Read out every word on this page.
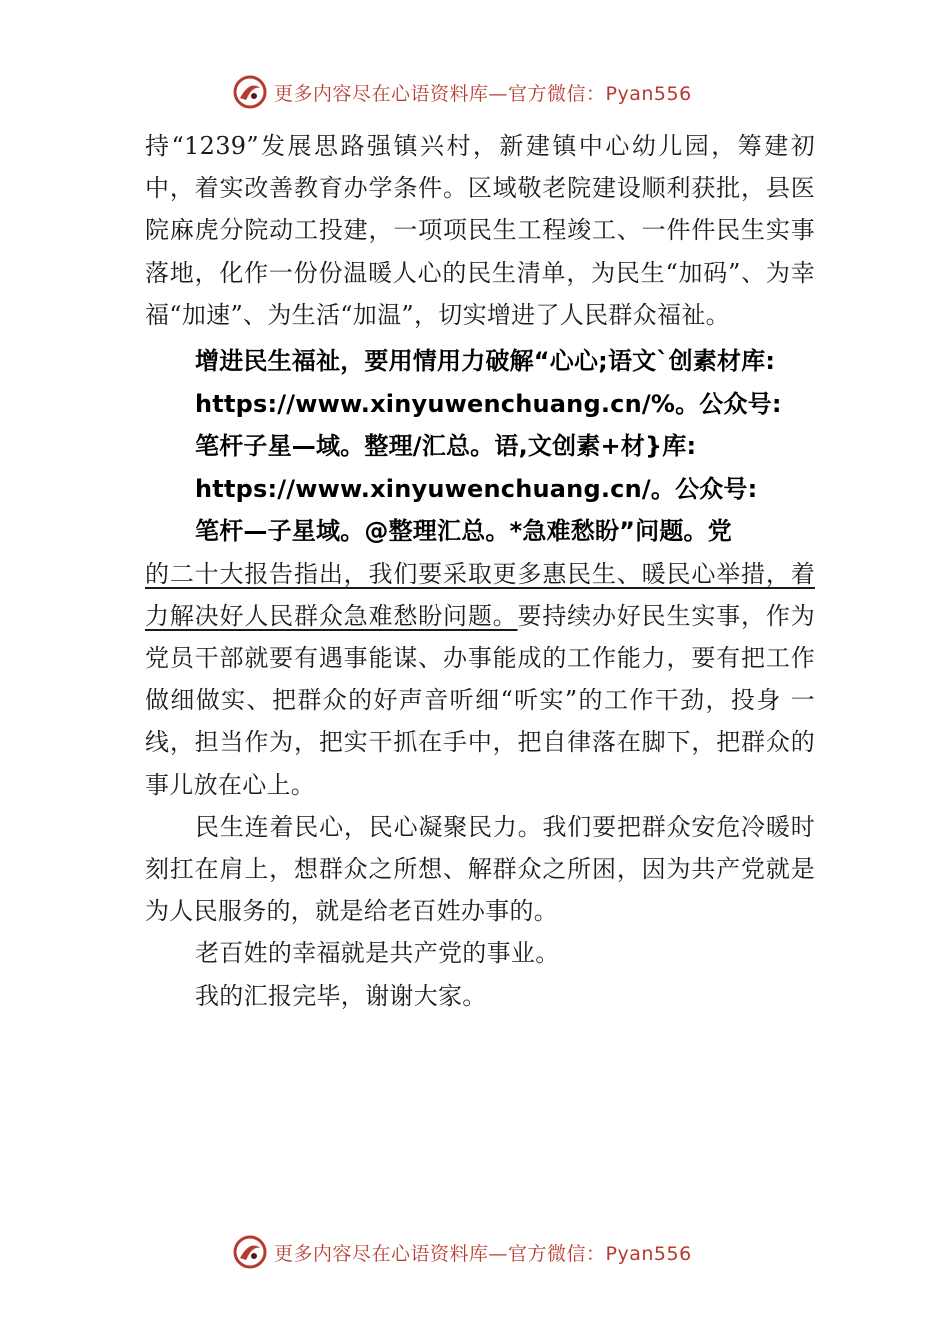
更多内容尽在心语资料库—官方微信：Pyan556

持“1239”发展思路强镇兴村，新建镇中心幼儿园，筹建初中，着实改善教育办学条件。区域敬老院建设顺利获批，县医院麻虎分院动工投建，一项项民生工程竣工、一件件民生实事落地，化作一份份温暖人心的民生清单，为民生“加码”、为幸福“加速”、为生活“加温”，切实增进了人民群众福祉。

增进民生福祉，要用情用力破解“心心;语文`创素材库:
https://www.xinyuwenchuang.cn/%。公众号:
笔杆子星—域。整理/汇总。语,文创素+材}库:
https://www.xinyuwenchuang.cn/。公众号:
笔杆—子星域。@整理汇总。*急难愁盼”问题。党

的二十大报告指出，我们要采取更多惠民生、暖民心举措，着力解决好人民群众急难愁盼问题。要持续办好民生实事，作为党员干部就要有遇事能谋、办事能成的工作能力，要有把工作做细做实、把群众的好声音听细“听实”的工作干劲，投身 一线，担当作为，把实干抓在手中，把自律落在脚下，把群众的事儿放在心上。

民生连着民心，民心凝聚民力。我们要把群众安危冷暖时刻扛在肩上，想群众之所想、解群众之所困，因为共产党就是为人民服务的，就是给老百姓办事的。

老百姓的幸福就是共产党的事业。

我的汇报完毕，谢谢大家。

更多内容尽在心语资料库—官方微信：Pyan556
